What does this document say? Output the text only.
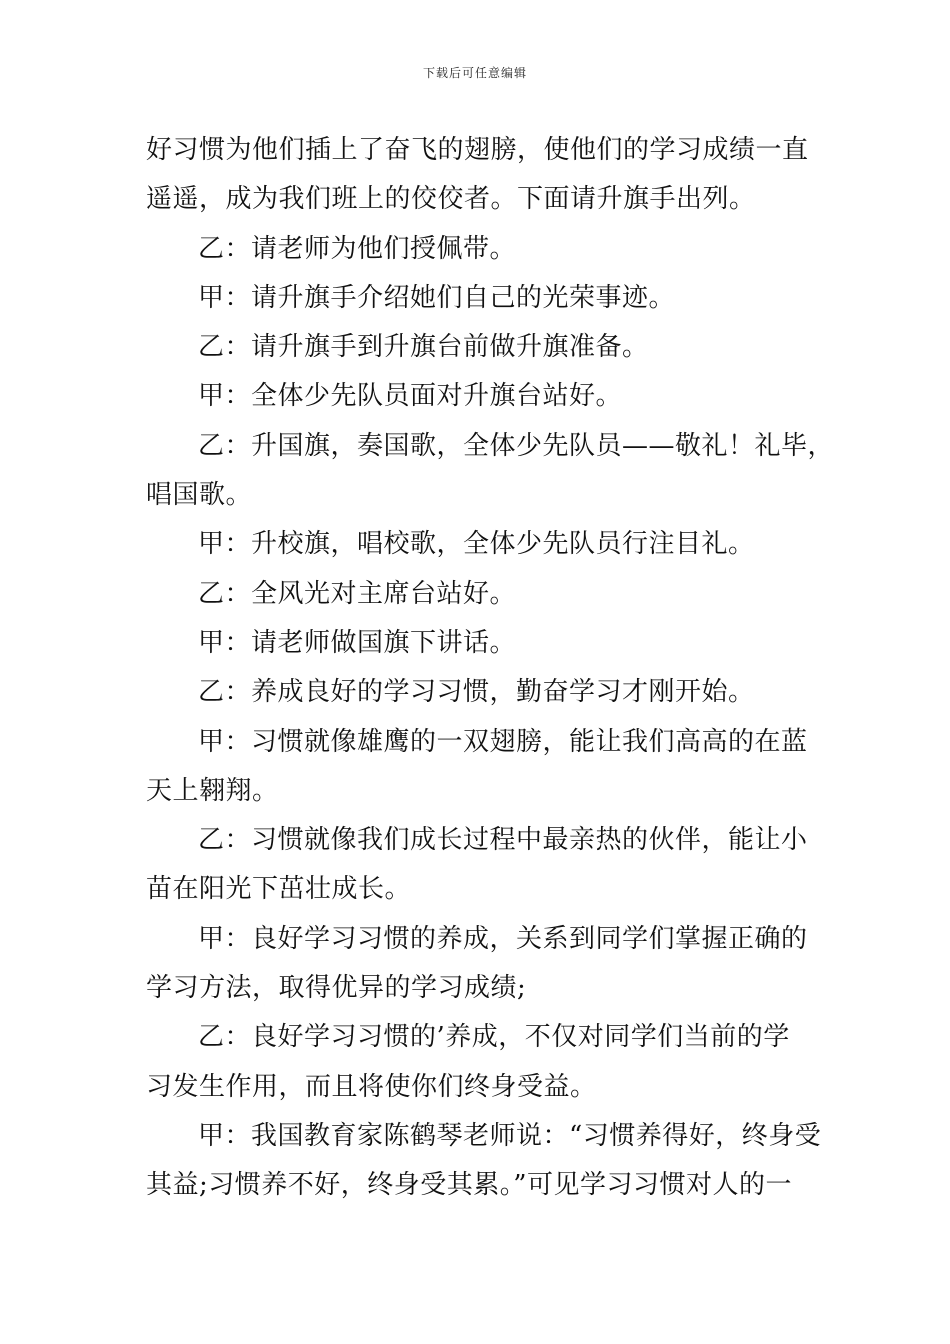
下载后可任意编辑
好习惯为他们插上了奋飞的翅膀，使他们的学习成绩一直
遥遥，成为我们班上的佼佼者。下面请升旗手出列。
乙：请老师为他们授佩带。
甲：请升旗手介绍她们自己的光荣事迹。
乙：请升旗手到升旗台前做升旗准备。
甲：全体少先队员面对升旗台站好。
乙：升国旗，奏国歌，全体少先队员——敬礼！礼毕，
唱国歌。
甲：升校旗，唱校歌，全体少先队员行注目礼。
乙：全风光对主席台站好。
甲：请老师做国旗下讲话。
乙：养成良好的学习习惯，勤奋学习才刚开始。
甲：习惯就像雄鹰的一双翅膀，能让我们高高的在蓝
天上翱翔。
乙：习惯就像我们成长过程中最亲热的伙伴，能让小
苗在阳光下茁壮成长。
甲：良好学习习惯的养成，关系到同学们掌握正确的
学习方法，取得优异的学习成绩;
乙：良好学习习惯的’养成，不仅对同学们当前的学
习发生作用，而且将使你们终身受益。
甲：我国教育家陈鹤琴老师说：“习惯养得好，终身受
其益;习惯养不好，终身受其累。”可见学习习惯对人的一
